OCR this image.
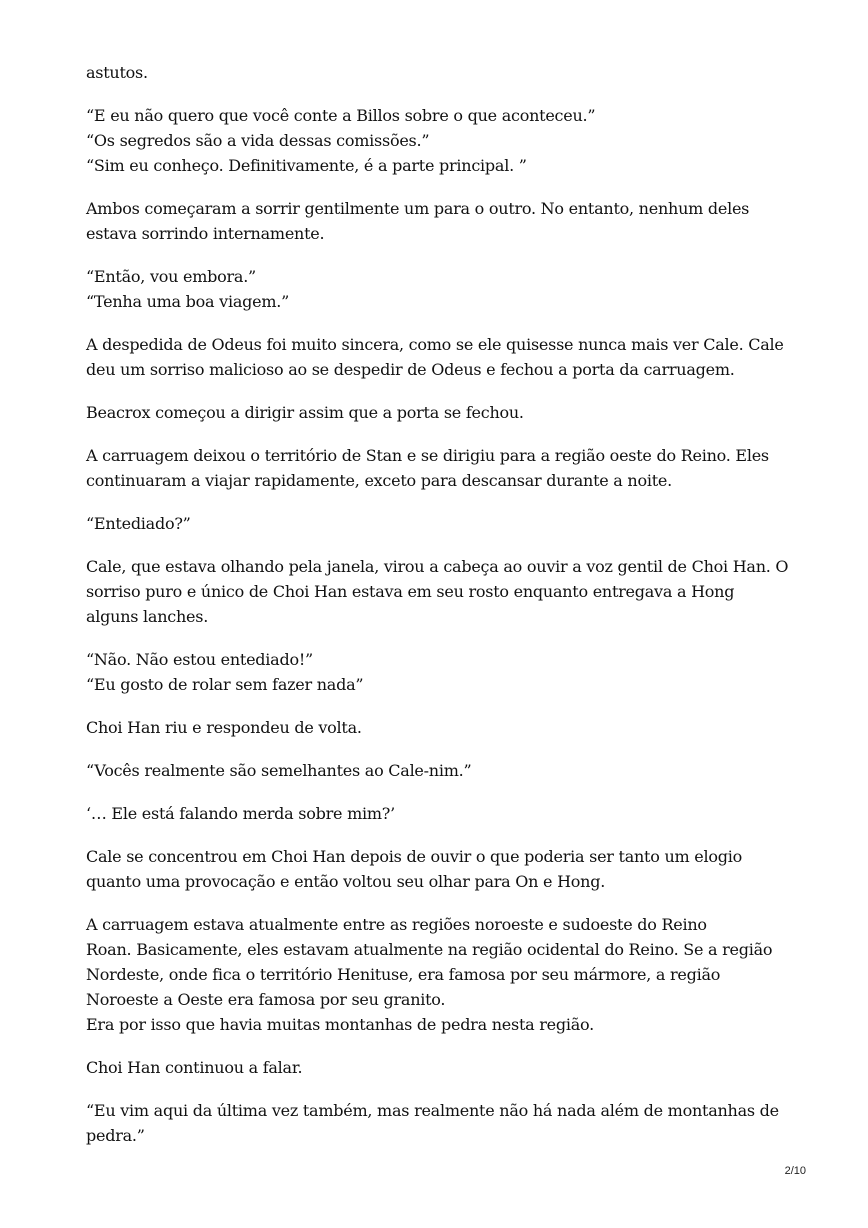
astutos.

“E eu não quero que você conte a Billos sobre o que aconteceu.”
“Os segredos são a vida dessas comissões.”
“Sim eu conheço. Definitivamente, é a parte principal. ”

Ambos começaram a sorrir gentilmente um para o outro. No entanto, nenhum deles
estava sorrindo internamente.

“Então, vou embora.”
“Tenha uma boa viagem.”

A despedida de Odeus foi muito sincera, como se ele quisesse nunca mais ver Cale. Cale
deu um sorriso malicioso ao se despedir de Odeus e fechou a porta da carruagem.

Beacrox começou a dirigir assim que a porta se fechou.

A carruagem deixou o território de Stan e se dirigiu para a região oeste do Reino. Eles
continuaram a viajar rapidamente, exceto para descansar durante a noite.

“Entediado?”

Cale, que estava olhando pela janela, virou a cabeça ao ouvir a voz gentil de Choi Han. O
sorriso puro e único de Choi Han estava em seu rosto enquanto entregava a Hong
alguns lanches.

“Não. Não estou entediado!”
“Eu gosto de rolar sem fazer nada”

Choi Han riu e respondeu de volta.

“Vocês realmente são semelhantes ao Cale-nim.”

‘… Ele está falando merda sobre mim?’

Cale se concentrou em Choi Han depois de ouvir o que poderia ser tanto um elogio
quanto uma provocação e então voltou seu olhar para On e Hong.

A carruagem estava atualmente entre as regiões noroeste e sudoeste do Reino
Roan. Basicamente, eles estavam atualmente na região ocidental do Reino. Se a região
Nordeste, onde fica o território Henituse, era famosa por seu mármore, a região
Noroeste a Oeste era famosa por seu granito.
Era por isso que havia muitas montanhas de pedra nesta região.

Choi Han continuou a falar.

“Eu vim aqui da última vez também, mas realmente não há nada além de montanhas de
pedra.”

2/10
